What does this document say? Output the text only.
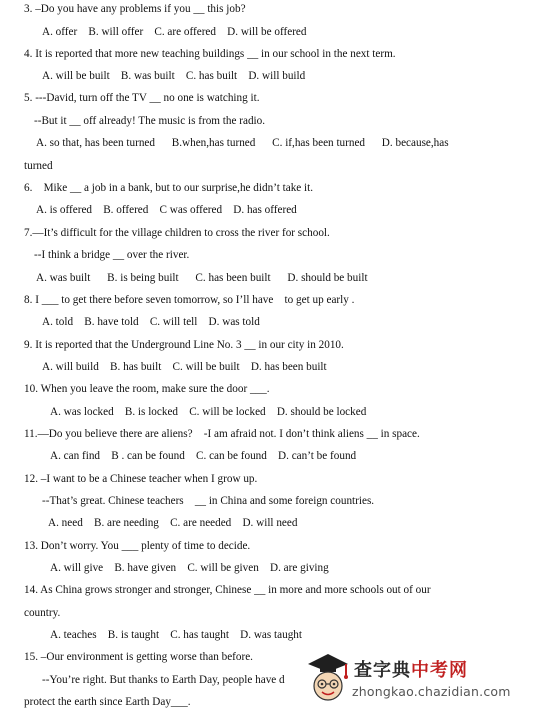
3. –Do you have any problems if you __ this job?
A. offer    B. will offer    C. are offered    D. will be offered
4. It is reported that more new teaching buildings __ in our school in the next term.
A. will be built    B. was built    C. has built    D. will build
5. ---David, turn off the TV __ no one is watching it.
--But it __ off already! The music is from the radio.
A. so that, has been turned      B.when,has turned      C. if,has been turned      D. because,has
turned
6.    Mike __ a job in a bank, but to our surprise,he didn’t take it.
A. is offered    B. offered    C was offered    D. has offered
7.—It’s difficult for the village children to cross the river for school.
--I think a bridge __ over the river.
A. was built      B. is being built      C. has been built      D. should be built
8. I ___ to get there before seven tomorrow, so I’ll have    to get up early .
A. told    B. have told    C. will tell    D. was told
9. It is reported that the Underground Line No. 3 __ in our city in 2010.
A. will build    B. has built    C. will be built    D. has been built
10. When you leave the room, make sure the door ___.
A. was locked    B. is locked    C. will be locked    D. should be locked
11.—Do you believe there are aliens?    -I am afraid not. I don’t think aliens __ in space.
A. can find    B . can be found    C. can be found    D. can’t be found
12. –I want to be a Chinese teacher when I grow up.
--That’s great. Chinese teachers    __ in China and some foreign countries.
A. need    B. are needing    C. are needed    D. will need
13. Don’t worry. You ___ plenty of time to decide.
A. will give    B. have given    C. will be given    D. are giving
14. As China grows stronger and stronger, Chinese __ in more and more schools out of our
country.
A. teaches    B. is taught    C. has taught    D. was taught
15. –Our environment is getting worse than before.
--You’re right. But thanks to Earth Day, people have d
protect the earth since Earth Day___.
查字典中考网
zhongkao.chazidian.com
